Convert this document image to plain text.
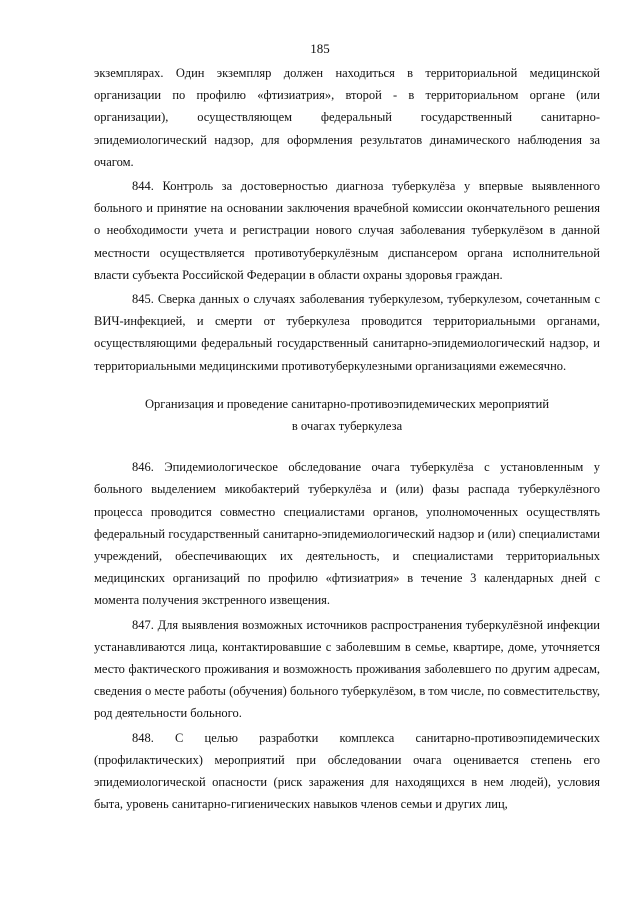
185

экземплярах. Один экземпляр должен находиться в территориальной медицинской организации по профилю «фтизиатрия», второй - в территориальном органе (или организации), осуществляющем федеральный государственный санитарно-эпидемиологический надзор, для оформления результатов динамического наблюдения за очагом.

844. Контроль за достоверностью диагноза туберкулёза у впервые выявленного больного и принятие на основании заключения врачебной комиссии окончательного решения о необходимости учета и регистрации нового случая заболевания туберкулёзом в данной местности осуществляется противотуберкулёзным диспансером органа исполнительной власти субъекта Российской Федерации в области охраны здоровья граждан.

845. Сверка данных о случаях заболевания туберкулезом, туберкулезом, сочетанным с ВИЧ-инфекцией, и смерти от туберкулеза проводится территориальными органами, осуществляющими федеральный государственный санитарно-эпидемиологический надзор, и территориальными медицинскими противотуберкулезными организациями ежемесячно.

Организация и проведение санитарно-противоэпидемических мероприятий
в очагах туберкулеза

846. Эпидемиологическое обследование очага туберкулёза с установленным у больного выделением микобактерий туберкулёза и (или) фазы распада туберкулёзного процесса проводится совместно специалистами органов, уполномоченных осуществлять федеральный государственный санитарно-эпидемиологический надзор и (или) специалистами учреждений, обеспечивающих их деятельность, и специалистами территориальных медицинских организаций по профилю «фтизиатрия» в течение 3 календарных дней с момента получения экстренного извещения.

847. Для выявления возможных источников распространения туберкулёзной инфекции устанавливаются лица, контактировавшие с заболевшим в семье, квартире, доме, уточняется место фактического проживания и возможность проживания заболевшего по другим адресам, сведения о месте работы (обучения) больного туберкулёзом, в том числе, по совместительству, род деятельности больного.

848. С целью разработки комплекса санитарно-противоэпидемических (профилактических) мероприятий при обследовании очага оценивается степень его эпидемиологической опасности (риск заражения для находящихся в нем людей), условия быта, уровень санитарно-гигиенических навыков членов семьи и других лиц,
